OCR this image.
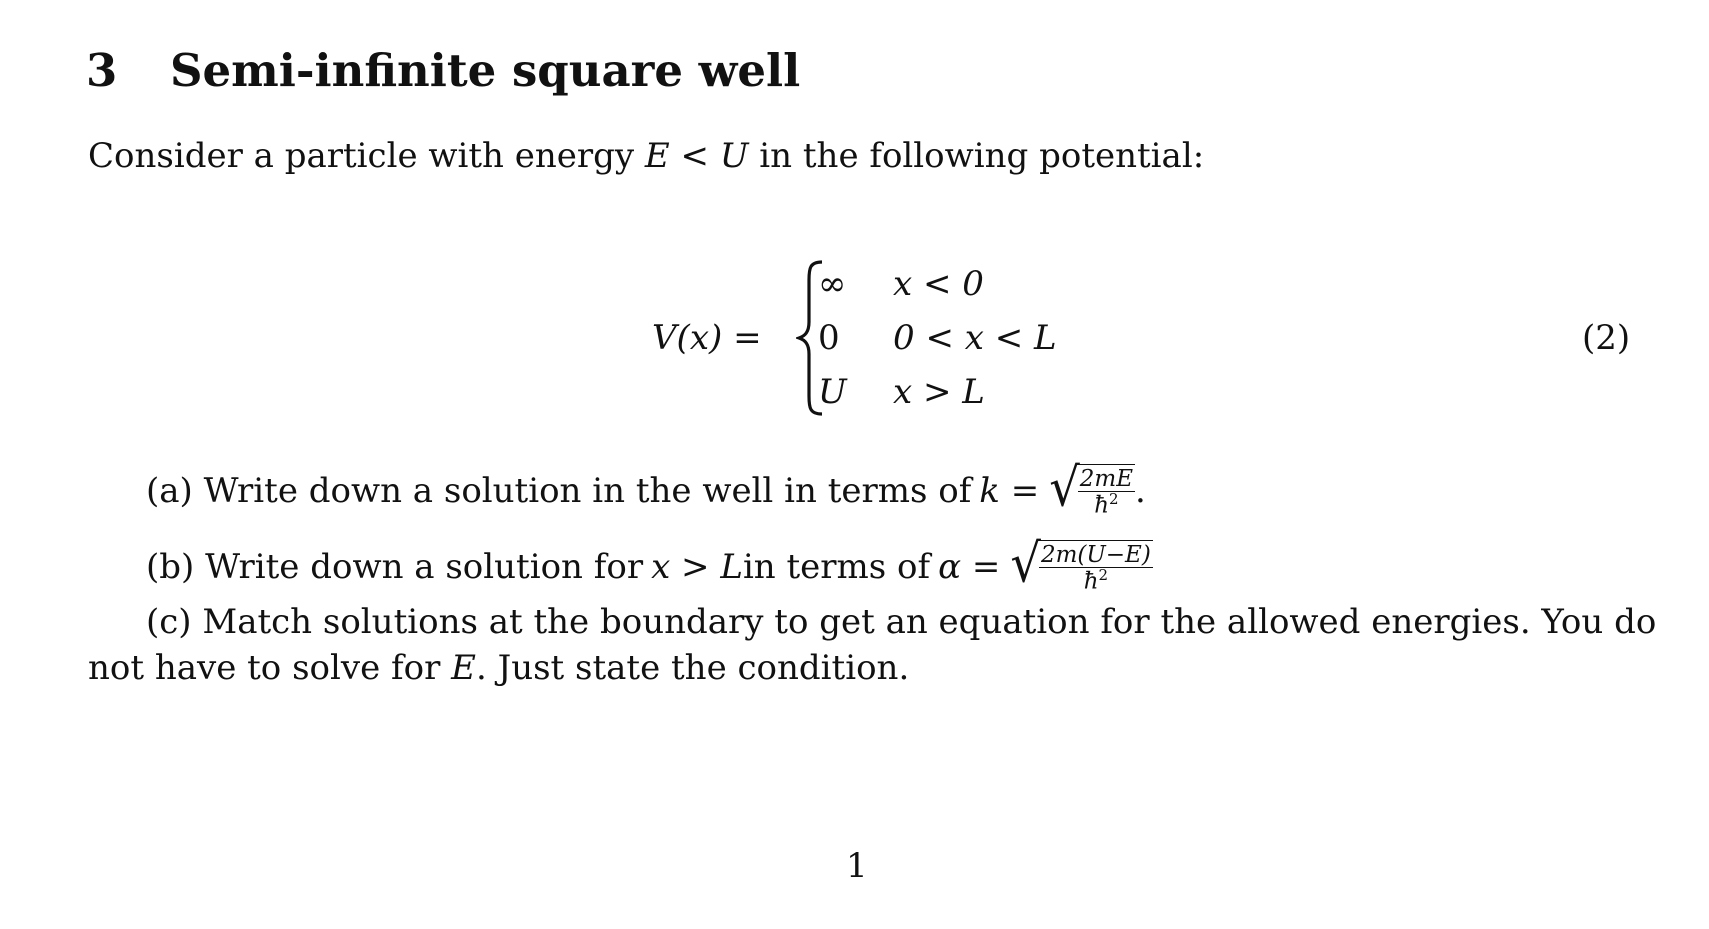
3 Semi-infinite square well
Consider a particle with energy E < U in the following potential:
V(x) =
∞ x < 0
0 0 < x < L
U x > L
(2)
(a) Write down a solution in the well in terms of k = √
$\frac{2mE}{ħ^2}$ .
(b) Write down a solution for x > L in terms of α = √
$\frac{2m(U-E)}{ħ^2}$
(c) Match solutions at the boundary to get an equation for the allowed energies. You do
not have to solve for E. Just state the condition.
1
